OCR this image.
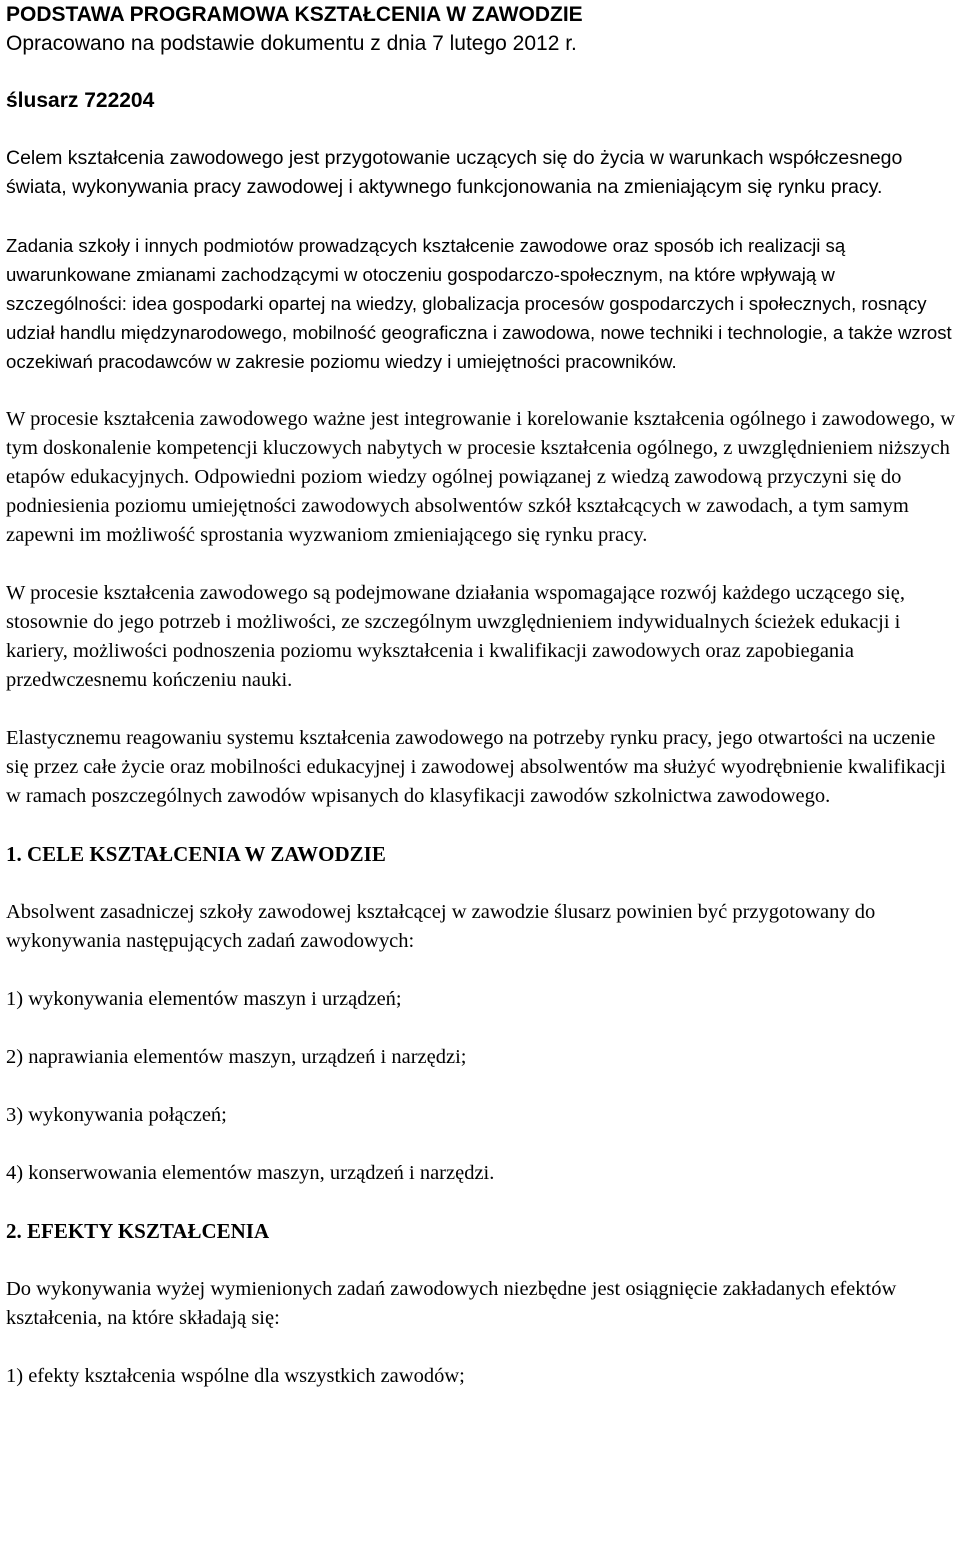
PODSTAWA PROGRAMOWA KSZTAŁCENIA W ZAWODZIE

Opracowano na podstawie dokumentu z dnia 7 lutego 2012 r.

ślusarz 722204

Celem kształcenia zawodowego jest przygotowanie uczących się do życia w warunkach współczesnego świata, wykonywania pracy zawodowej i aktywnego funkcjonowania na zmieniającym się rynku pracy.

Zadania szkoły i innych podmiotów prowadzących kształcenie zawodowe oraz sposób ich realizacji są uwarunkowane zmianami zachodzącymi w otoczeniu gospodarczo-społecznym, na które wpływają w szczególności: idea gospodarki opartej na wiedzy, globalizacja procesów gospodarczych i społecznych, rosnący udział handlu międzynarodowego, mobilność geograficzna i zawodowa, nowe techniki i technologie, a także wzrost oczekiwań pracodawców w zakresie poziomu wiedzy i umiejętności pracowników.

W procesie kształcenia zawodowego ważne jest integrowanie i korelowanie kształcenia ogólnego i zawodowego, w tym doskonalenie kompetencji kluczowych nabytych w procesie kształcenia ogólnego, z uwzględnieniem niższych etapów edukacyjnych. Odpowiedni poziom wiedzy ogólnej powiązanej z wiedzą zawodową przyczyni się do podniesienia poziomu umiejętności zawodowych absolwentów szkół kształcących w zawodach, a tym samym zapewni im możliwość sprostania wyzwaniom zmieniającego się rynku pracy.

W procesie kształcenia zawodowego są podejmowane działania wspomagające rozwój każdego uczącego się, stosownie do jego potrzeb i możliwości, ze szczególnym uwzględnieniem indywidualnych ścieżek edukacji i kariery, możliwości podnoszenia poziomu wykształcenia i kwalifikacji zawodowych oraz zapobiegania przedwczesnemu kończeniu nauki.

Elastycznemu reagowaniu systemu kształcenia zawodowego na potrzeby rynku pracy, jego otwartości na uczenie się przez całe życie oraz mobilności edukacyjnej i zawodowej absolwentów ma służyć wyodrębnienie kwalifikacji w ramach poszczególnych zawodów wpisanych do klasyfikacji zawodów szkolnictwa zawodowego.

1. CELE KSZTAŁCENIA W ZAWODZIE

Absolwent zasadniczej szkoły zawodowej kształcącej w zawodzie ślusarz powinien być przygotowany do wykonywania następujących zadań zawodowych:

1) wykonywania elementów maszyn i urządzeń;

2) naprawiania elementów maszyn, urządzeń i narzędzi;

3) wykonywania połączeń;

4) konserwowania elementów maszyn, urządzeń i narzędzi.

2. EFEKTY KSZTAŁCENIA

Do wykonywania wyżej wymienionych zadań zawodowych niezbędne jest osiągnięcie zakładanych efektów kształcenia, na które składają się:

1) efekty kształcenia wspólne dla wszystkich zawodów;
